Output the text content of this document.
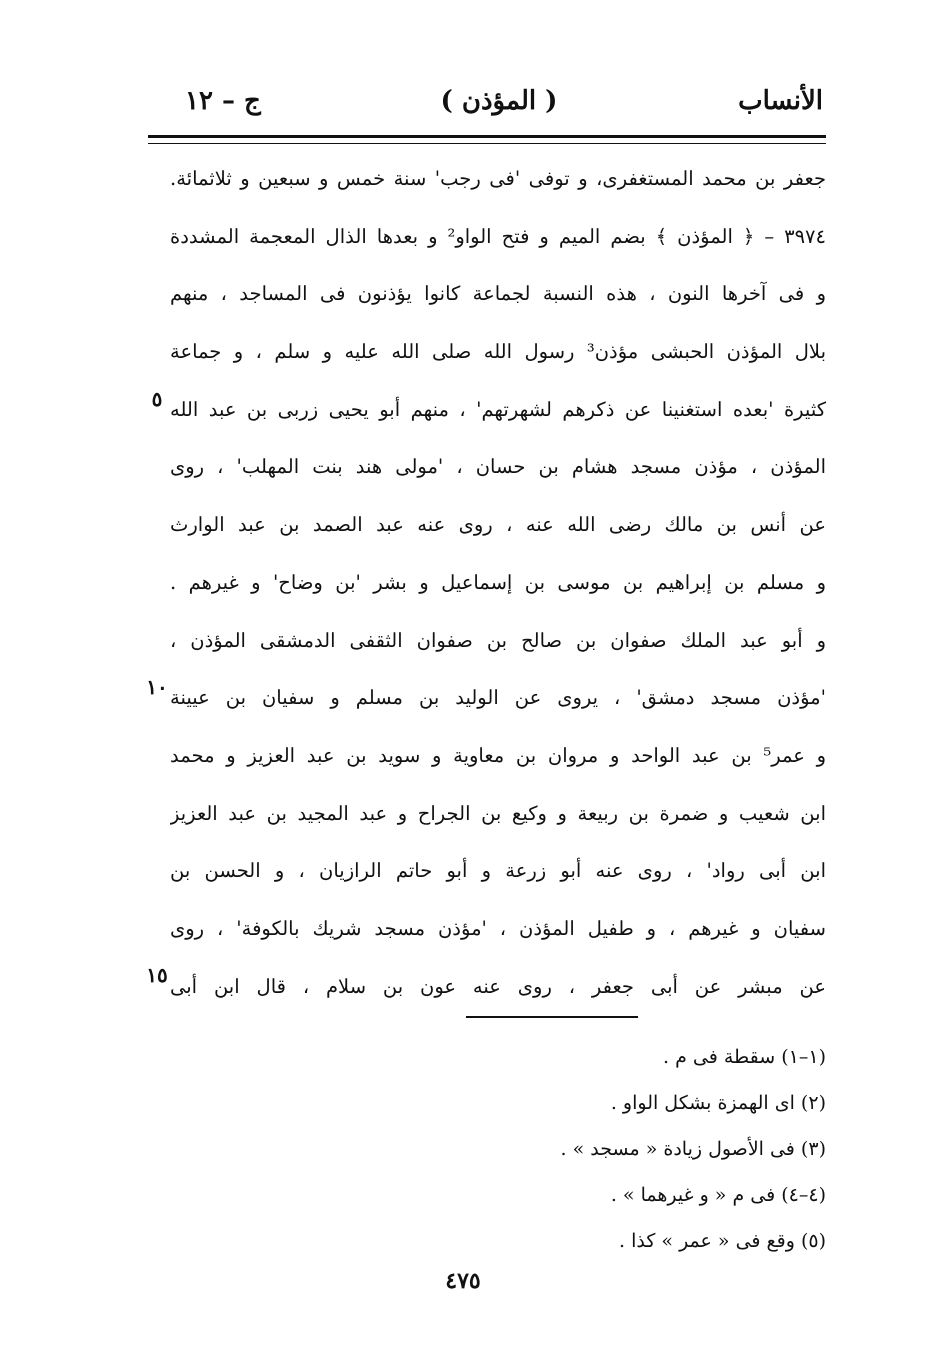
الأنساب
( المؤذن )
ج – ١٢
جعفر بن محمد المستغفرى، و توفى 'فى رجب' سنة خمس و سبعين و ثلاثمائة.
٣٩٧٤ – ﴿ المؤذن ﴾ بضم الميم و فتح الواو² و بعدها الذال المعجمة المشددة
و فى آخرها النون ، هذه النسبة لجماعة كانوا يؤذنون فى المساجد ، منهم
بلال المؤذن الحبشى مؤذن³ رسول الله صلى الله عليه و سلم ، و جماعة
كثيرة 'بعده استغنينا عن ذكرهم لشهرتهم' ، منهم أبو يحيى زربى بن عبد الله
المؤذن ، مؤذن مسجد هشام بن حسان ، 'مولى هند بنت المهلب' ، روى
عن أنس بن مالك رضى الله عنه ، روى عنه عبد الصمد بن عبد الوارث
و مسلم بن إبراهيم بن موسى بن إسماعيل و بشر 'بن وضاح' و غيرهم .
و أبو عبد الملك صفوان بن صالح بن صفوان الثقفى الدمشقى المؤذن ،
'مؤذن مسجد دمشق' ، يروى عن الوليد بن مسلم و سفيان بن عيينة
و عمر⁵ بن عبد الواحد و مروان بن معاوية و سويد بن عبد العزيز و محمد
ابن شعيب و ضمرة بن ربيعة و وكيع بن الجراح و عبد المجيد بن عبد العزيز
ابن أبى رواد' ، روى عنه أبو زرعة و أبو حاتم الرازيان ، و الحسن بن
سفيان و غيرهم ، و طفيل المؤذن ، 'مؤذن مسجد شريك بالكوفة' ، روى
عن مبشر عن أبى جعفر ، روى عنه عون بن سلام ، قال ابن أبى
٥
١٠
١٥
(١–١) سقطة فى م .
(٢) اى الهمزة بشكل الواو .
(٣) فى الأصول زيادة « مسجد » .
(٤–٤) فى م « و غيرهما » .
(٥) وقع فى « عمر » كذا .
٤٧٥
